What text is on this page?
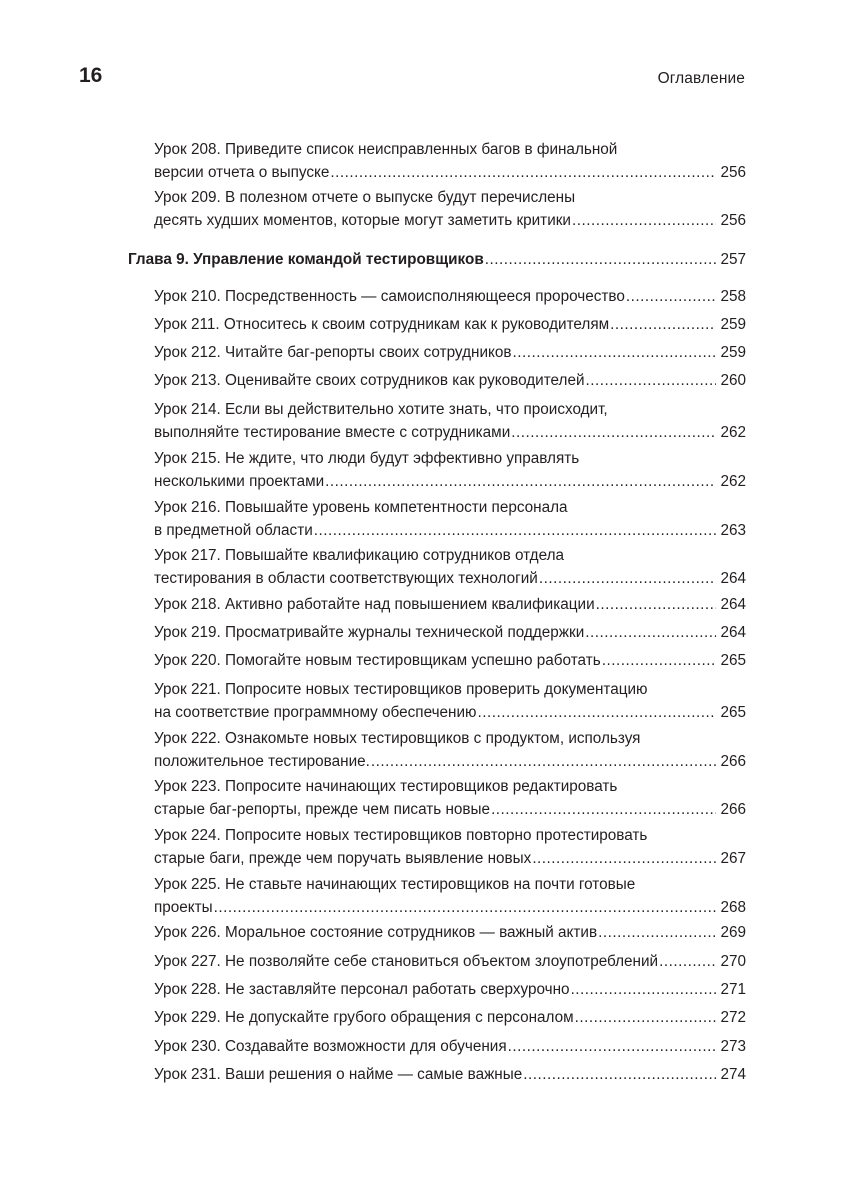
16	Оглавление
Урок 208. Приведите список неисправленных багов в финальной
версии отчета о выпуске .....	256
Урок 209. В полезном отчете о выпуске будут перечислены
десять худших моментов, которые могут заметить критики .....	256
Глава 9. Управление командой тестировщиков .....	257
Урок 210. Посредственность — самоисполняющееся пророчество .....	258
Урок 211. Относитесь к своим сотрудникам как к руководителям .....	259
Урок 212. Читайте баг-репорты своих сотрудников .....	259
Урок 213. Оценивайте своих сотрудников как руководителей .....	260
Урок 214. Если вы действительно хотите знать, что происходит,
выполняйте тестирование вместе с сотрудниками .....	262
Урок 215. Не ждите, что люди будут эффективно управлять
несколькими проектами .....	262
Урок 216. Повышайте уровень компетентности персонала
в предметной области .....	263
Урок 217. Повышайте квалификацию сотрудников отдела
тестирования в области соответствующих технологий .....	264
Урок 218. Активно работайте над повышением квалификации .....	264
Урок 219. Просматривайте журналы технической поддержки .....	264
Урок 220. Помогайте новым тестировщикам успешно работать .....	265
Урок 221. Попросите новых тестировщиков проверить документацию
на соответствие программному обеспечению .....	265
Урок 222. Ознакомьте новых тестировщиков с продуктом, используя
положительное тестирование. .....	266
Урок 223. Попросите начинающих тестировщиков редактировать
старые баг-репорты, прежде чем писать новые .....	266
Урок 224. Попросите новых тестировщиков повторно протестировать
старые баги, прежде чем поручать выявление новых .....	267
Урок 225. Не ставьте начинающих тестировщиков на почти готовые
проекты .....	268
Урок 226. Моральное состояние сотрудников — важный актив .....	269
Урок 227. Не позволяйте себе становиться объектом злоупотреблений .....	270
Урок 228. Не заставляйте персонал работать сверхурочно .....	271
Урок 229. Не допускайте грубого обращения с персоналом .....	272
Урок 230. Создавайте возможности для обучения .....	273
Урок 231. Ваши решения о найме — самые важные .....	274
